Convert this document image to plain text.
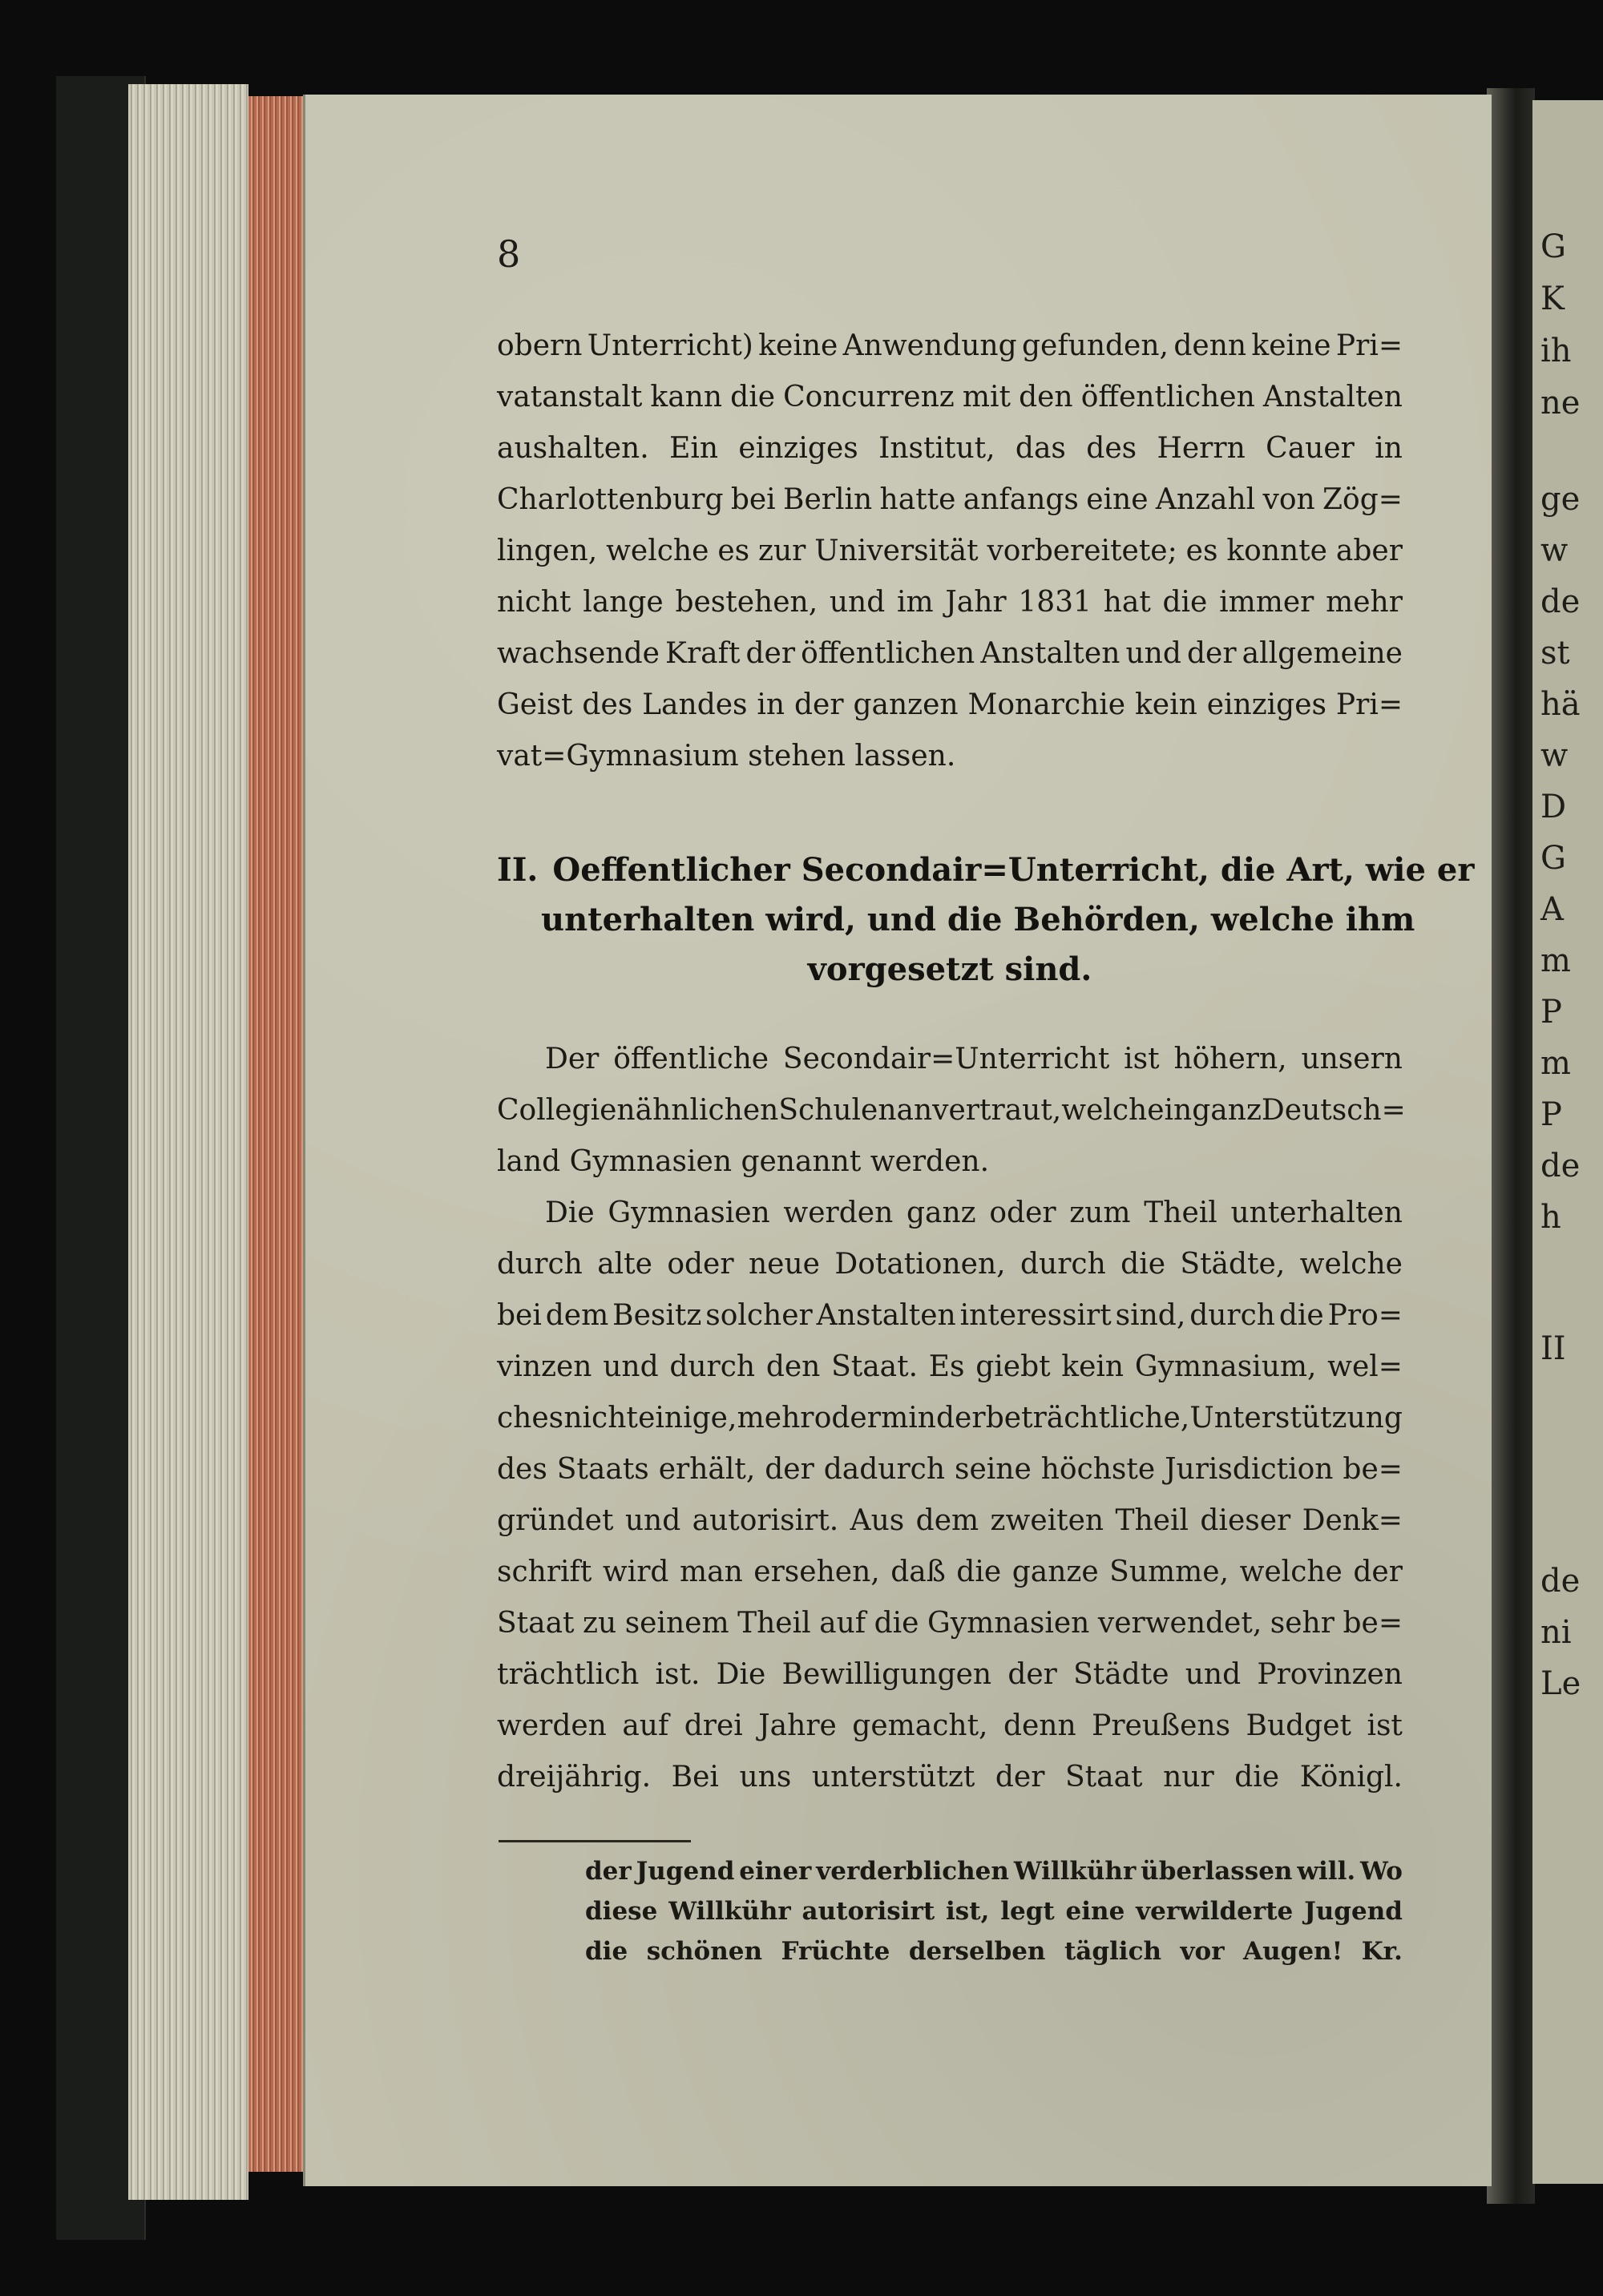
G
K
ih
ne
ge
w
de
st
hä
w
D
G
A
m
P
m
P
de
h
II
de
ni
Le
8
obern Unterricht) keine Anwendung gefunden, denn keine Pri=
vatanstalt kann die Concurrenz mit den öffentlichen Anstalten
aushalten. Ein einziges Institut, das des Herrn Cauer in
Charlottenburg bei Berlin hatte anfangs eine Anzahl von Zög=
lingen, welche es zur Universität vorbereitete; es konnte aber
nicht lange bestehen, und im Jahr 1831 hat die immer mehr
wachsende Kraft der öffentlichen Anstalten und der allgemeine
Geist des Landes in der ganzen Monarchie kein einziges Pri=
vat=Gymnasium stehen lassen.
II. Oeffentlicher Secondair=Unterricht, die Art, wie er
unterhalten wird, und die Behörden, welche ihm
vorgesetzt sind.
Der öffentliche Secondair=Unterricht ist höhern, unsern
Collegien ähnlichen Schulen anvertraut, welche in ganz Deutsch=
land Gymnasien genannt werden.
Die Gymnasien werden ganz oder zum Theil unterhalten
durch alte oder neue Dotationen, durch die Städte, welche
bei dem Besitz solcher Anstalten interessirt sind, durch die Pro=
vinzen und durch den Staat. Es giebt kein Gymnasium, wel=
ches nicht einige, mehr oder minder beträchtliche, Unterstützung
des Staats erhält, der dadurch seine höchste Jurisdiction be=
gründet und autorisirt. Aus dem zweiten Theil dieser Denk=
schrift wird man ersehen, daß die ganze Summe, welche der
Staat zu seinem Theil auf die Gymnasien verwendet, sehr be=
trächtlich ist. Die Bewilligungen der Städte und Provinzen
werden auf drei Jahre gemacht, denn Preußens Budget ist
dreijährig. Bei uns unterstützt der Staat nur die Königl.
der Jugend einer verderblichen Willkühr überlassen will. Wo
diese Willkühr autorisirt ist, legt eine verwilderte Jugend
die schönen Früchte derselben täglich vor Augen! Kr.
